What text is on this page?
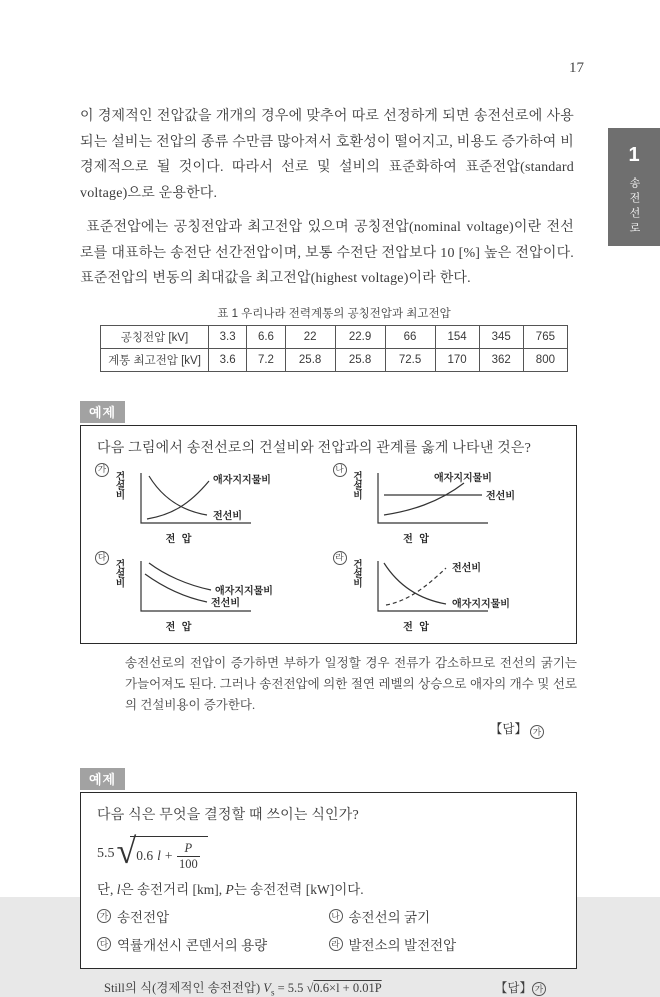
17
1
송전선로

이 경제적인 전압값을 개개의 경우에 맞추어 따로 선정하게 되면 송전선로에 사용되는 설비는 전압의 종류 수만큼 많아져서 호환성이 떨어지고, 비용도 증가하여 비경제적으로 될 것이다. 따라서 선로 및 설비의 표준화하여 표준전압(standard voltage)으로 운용한다.

표준전압에는 공칭전압과 최고전압 있으며 공칭전압(nominal voltage)이란 전선로를 대표하는 송전단 선간전압이며, 보통 수전단 전압보다 10 [%] 높은 전압이다. 표준전압의 변동의 최대값을 최고전압(highest voltage)이라 한다.

표 1 우리나라 전력계통의 공칭전압과 최고전압
공칭전압 [kV]	3.3	6.6	22	22.9	66	154	345	765
계통 최고전압 [kV]	3.6	7.2	25.8	25.8	72.5	170	362	800
예제
다음 그림에서 송전선로의 건설비와 전압과의 관계를 옳게 나타낸 것은?
가
건설비	애자지지물비
전선비
전 압
나
건설비	애자지지물비
전선비
전 압
다
건설비
애자지지물비
전선비
전 압
라
건설비	전선비
애자지지물비
전 압

송전선로의 전압이 증가하면 부하가 일정할 경우 전류가 감소하므로 전선의 굵기는 가늘어져도 된다. 그러나 송전전압에 의한 절연 레벨의 상승으로 애자의 개수 및 선로의 건설비용이 증가한다.

【답】 가
예제
다음 식은 무엇을 결정할 때 쓰이는 식인가?
5.5 √ 0.6 $l + \frac{P}{100}$
단, l은 송전거리 [km], P는 송전전력 [kW]이다.
가 송전전압	나 송전선의 굵기
다 역률개선시 콘덴서의 용량	라 발전소의 발전전압
Still의 식(경제적인 송전전압) $V_s = 5.5$ √0.6×l + 0.01P	【답】 가
